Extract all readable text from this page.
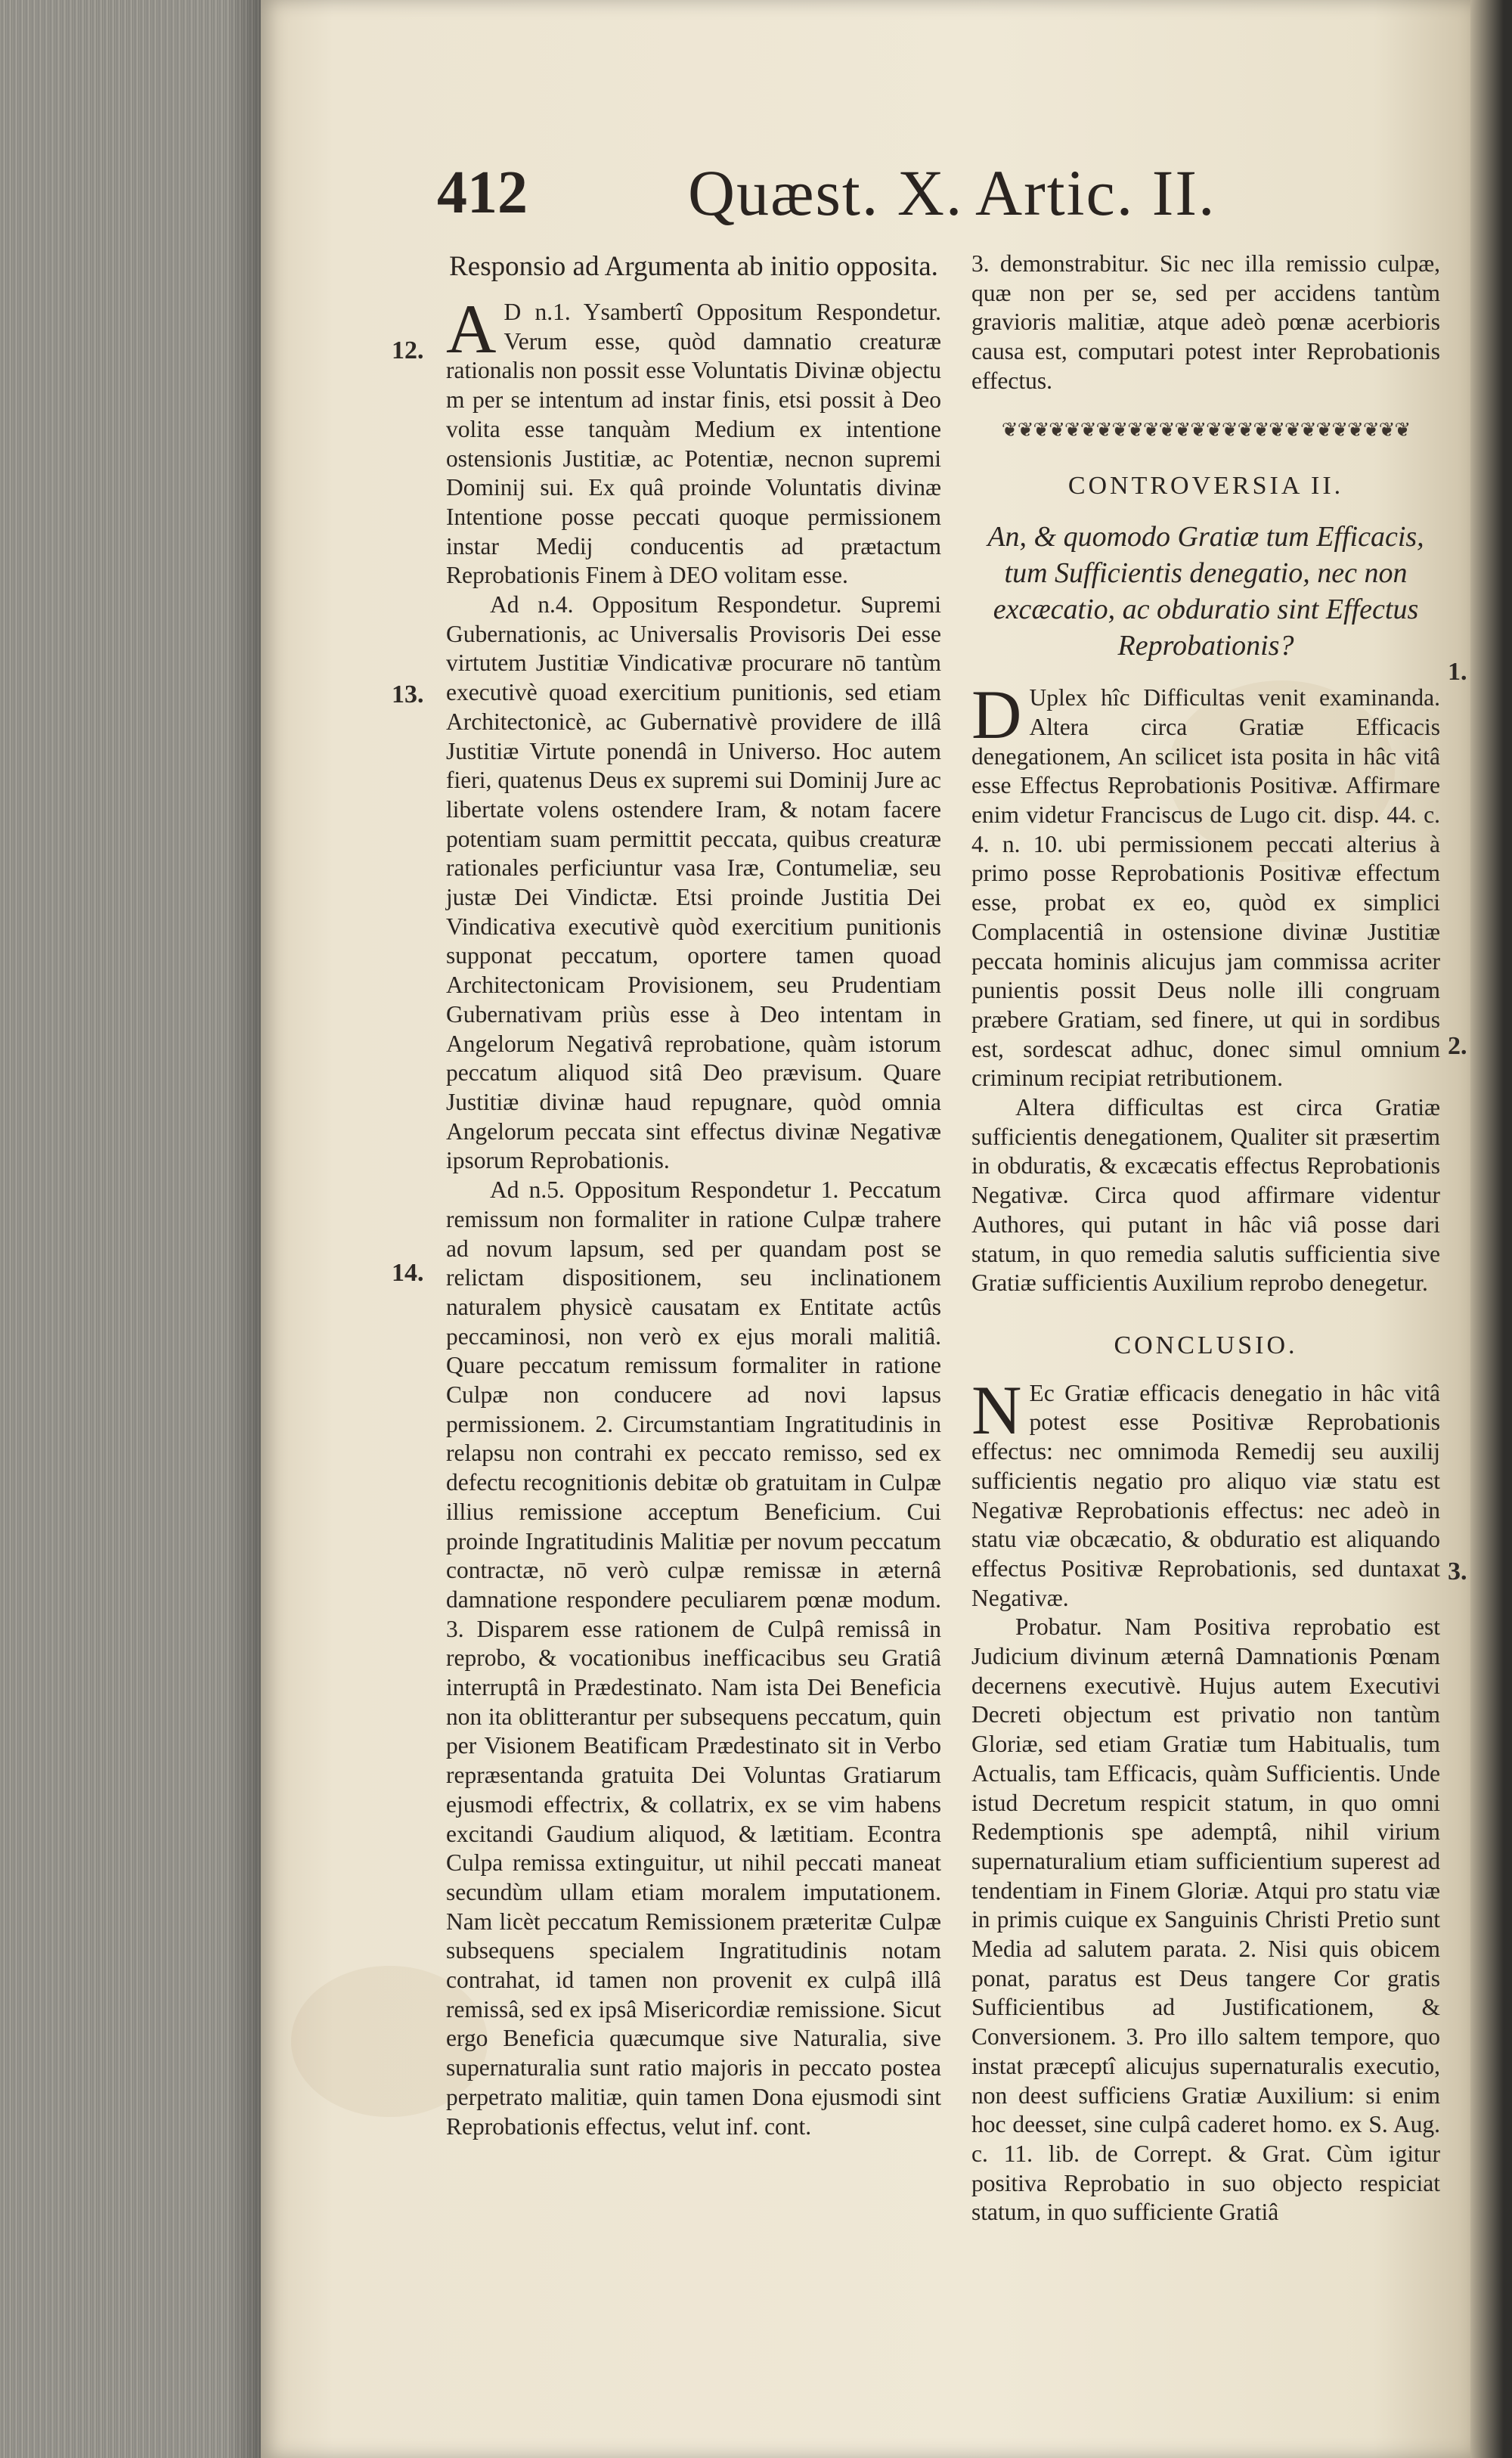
412 Quæst. X. Artic. II.
12.
13.
14.
1.
2.
3.
Responsio ad Argumenta ab initio opposita.

A D n.1. Ysambertî Oppositum Respondetur. Verum esse, quòd damnatio creaturæ rationalis non possit esse Voluntatis Divinæ objectu m per se intentum ad instar finis, etsi possit à Deo volita esse tanquàm Medium ex intentione ostensionis Justitiæ, ac Potentiæ, necnon supremi Dominij sui. Ex quâ proinde Voluntatis divinæ Intentione posse peccati quoque permissionem instar Medij conducentis ad prætactum Reprobationis Finem à DEO volitam esse.

Ad n.4. Oppositum Respondetur. Supremi Gubernationis, ac Universalis Provisoris Dei esse virtutem Justitiæ Vindicativæ procurare nō tantùm executivè quoad exercitium punitionis, sed etiam Architectonicè, ac Gubernativè providere de illâ Justitiæ Virtute ponendâ in Universo. Hoc autem fieri, quatenus Deus ex supremi sui Dominij Jure ac libertate volens ostendere Iram, & notam facere potentiam suam permittit peccata, quibus creaturæ rationales perficiuntur vasa Iræ, Contumeliæ, seu justæ Dei Vindictæ. Etsi proinde Justitia Dei Vindicativa executivè quòd exercitium punitionis supponat peccatum, oportere tamen quoad Architectonicam Provisionem, seu Prudentiam Gubernativam priùs esse à Deo intentam in Angelorum Negativâ reprobatione, quàm istorum peccatum aliquod sitâ Deo prævisum. Quare Justitiæ divinæ haud repugnare, quòd omnia Angelorum peccata sint effectus divinæ Negativæ ipsorum Reprobationis.

Ad n.5. Oppositum Respondetur 1. Peccatum remissum non formaliter in ratione Culpæ trahere ad novum lapsum, sed per quandam post se relictam dispositionem, seu inclinationem naturalem physicè causatam ex Entitate actûs peccaminosi, non verò ex ejus morali malitiâ. Quare peccatum remissum formaliter in ratione Culpæ non conducere ad novi lapsus permissionem. 2. Circumstantiam Ingratitudinis in relapsu non contrahi ex peccato remisso, sed ex defectu recognitionis debitæ ob gratuitam in Culpæ illius remissione acceptum Beneficium. Cui proinde Ingratitudinis Malitiæ per novum peccatum contractæ, nō verò culpæ remissæ in æternâ damnatione respondere peculiarem pœnæ modum. 3. Disparem esse rationem de Culpâ remissâ in reprobo, & vocationibus inefficacibus seu Gratiâ interruptâ in Prædestinato. Nam ista Dei Beneficia non ita oblitterantur per subsequens peccatum, quin per Visionem Beatificam Prædestinato sit in Verbo repræsentanda gratuita Dei Voluntas Gratiarum ejusmodi effectrix, & collatrix, ex se vim habens excitandi Gaudium aliquod, & lætitiam. Econtra Culpa remissa extinguitur, ut nihil peccati maneat secundùm ullam etiam moralem imputationem. Nam licèt peccatum Remissionem præteritæ Culpæ subsequens specialem Ingratitudinis notam contrahat, id tamen non provenit ex culpâ illâ remissâ, sed ex ipsâ Misericordiæ remissione. Sicut ergo Beneficia quæcumque sive Naturalia, sive supernaturalia sunt ratio majoris in peccato postea perpetrato malitiæ, quin tamen Dona ejusmodi sint Reprobationis effectus, velut inf. cont.

3. demonstrabitur. Sic nec illa remissio culpæ, quæ non per se, sed per accidens tantùm gravioris malitiæ, atque adeò pœnæ acerbioris causa est, computari potest inter Reprobationis effectus.

❦❦❦❦❦❦❦❦❦❦❦❦❦❦❦❦❦❦❦❦❦❦❦❦❦❦
CONTROVERSIA II.
An, & quomodo Gratiæ tum Efficacis, tum Sufficientis denegatio, nec non excæcatio, ac obduratio sint Effectus Reprobationis?

D Uplex hîc Difficultas venit examinanda. Altera circa Gratiæ Efficacis denegationem, An scilicet ista posita in hâc vitâ esse Effectus Reprobationis Positivæ. Affirmare enim videtur Franciscus de Lugo cit. disp. 44. c. 4. n. 10. ubi permissionem peccati alterius à primo posse Reprobationis Positivæ effectum esse, probat ex eo, quòd ex simplici Complacentiâ in ostensione divinæ Justitiæ peccata hominis alicujus jam commissa acriter punientis possit Deus nolle illi congruam præbere Gratiam, sed finere, ut qui in sordibus est, sordescat adhuc, donec simul omnium criminum recipiat retributionem.

Altera difficultas est circa Gratiæ sufficientis denegationem, Qualiter sit præsertim in obduratis, & excæcatis effectus Reprobationis Negativæ. Circa quod affirmare videntur Authores, qui putant in hâc viâ posse dari statum, in quo remedia salutis sufficientia sive Gratiæ sufficientis Auxilium reprobo denegetur.

CONCLUSIO.

N Ec Gratiæ efficacis denegatio in hâc vitâ potest esse Positivæ Reprobationis effectus: nec omnimoda Remedij seu auxilij sufficientis negatio pro aliquo viæ statu est Negativæ Reprobationis effectus: nec adeò in statu viæ obcæcatio, & obduratio est aliquando effectus Positivæ Reprobationis, sed duntaxat Negativæ.

Probatur. Nam Positiva reprobatio est Judicium divinum æternâ Damnationis Pœnam decernens executivè. Hujus autem Executivi Decreti objectum est privatio non tantùm Gloriæ, sed etiam Gratiæ tum Habitualis, tum Actualis, tam Efficacis, quàm Sufficientis. Unde istud Decretum respicit statum, in quo omni Redemptionis spe ademptâ, nihil virium supernaturalium etiam sufficientium superest ad tendentiam in Finem Gloriæ. Atqui pro statu viæ in primis cuique ex Sanguinis Christi Pretio sunt Media ad salutem parata. 2. Nisi quis obicem ponat, paratus est Deus tangere Cor gratis Sufficientibus ad Justificationem, & Conversionem. 3. Pro illo saltem tempore, quo instat præceptî alicujus supernaturalis executio, non deest sufficiens Gratiæ Auxilium: si enim hoc deesset, sine culpâ caderet homo. ex S. Aug. c. 11. lib. de Corrept. & Grat. Cùm igitur positiva Reprobatio in suo objecto respiciat statum, in quo sufficiente Gratiâ
